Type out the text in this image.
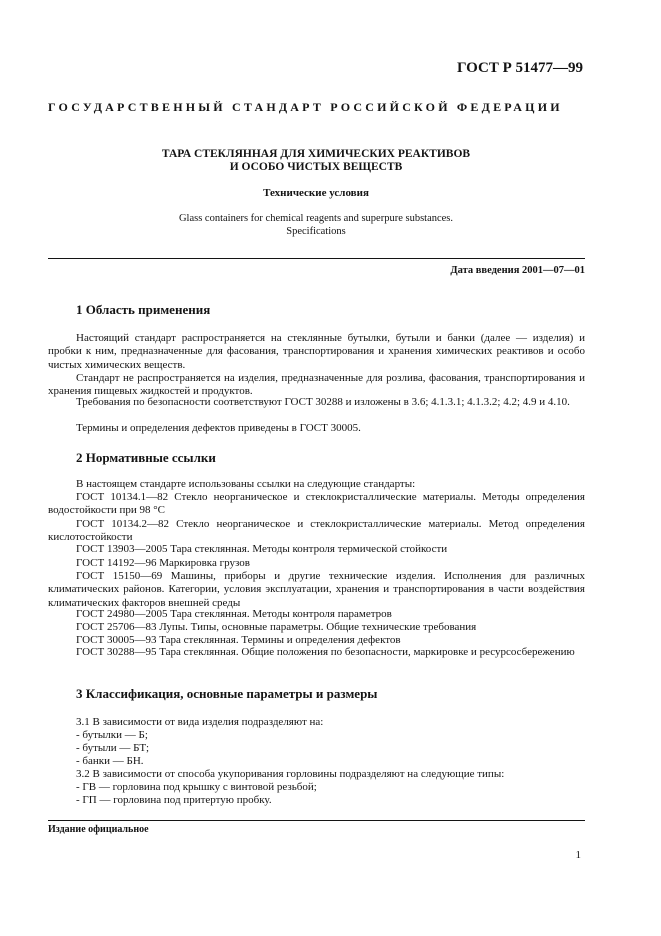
ГОСТ Р 51477—99
ГОСУДАРСТВЕННЫЙ СТАНДАРТ РОССИЙСКОЙ ФЕДЕРАЦИИ
ТАРА СТЕКЛЯННАЯ ДЛЯ ХИМИЧЕСКИХ РЕАКТИВОВ
И ОСОБО ЧИСТЫХ ВЕЩЕСТВ
Технические условия
Glass containers for chemical reagents and superpure substances.
Specifications
Дата введения 2001—07—01
1 Область применения

Настоящий стандарт распространяется на стеклянные бутылки, бутыли и банки (далее — изделия) и пробки к ним, предназначенные для фасования, транспортирования и хранения химических реактивов и особо чистых химических веществ.

Стандарт не распространяется на изделия, предназначенные для розлива, фасования, транспортирования и хранения пищевых жидкостей и продуктов.

Требования по безопасности соответствуют ГОСТ 30288 и изложены в 3.6; 4.1.3.1; 4.1.3.2; 4.2; 4.9 и 4.10.

Термины и определения дефектов приведены в ГОСТ 30005.

2 Нормативные ссылки

В настоящем стандарте использованы ссылки на следующие стандарты:

ГОСТ 10134.1—82 Стекло неорганическое и стеклокристаллические материалы. Методы определения водостойкости при 98 °С

ГОСТ 10134.2—82 Стекло неорганическое и стеклокристаллические материалы. Метод определения кислотостойкости

ГОСТ 13903—2005 Тара стеклянная. Методы контроля термической стойкости

ГОСТ 14192—96 Маркировка грузов

ГОСТ 15150—69 Машины, приборы и другие технические изделия. Исполнения для различных климатических районов. Категории, условия эксплуатации, хранения и транспортирования в части воздействия климатических факторов внешней среды

ГОСТ 24980—2005 Тара стеклянная. Методы контроля параметров

ГОСТ 25706—83 Лупы. Типы, основные параметры. Общие технические требования

ГОСТ 30005—93 Тара стеклянная. Термины и определения дефектов

ГОСТ 30288—95 Тара стеклянная. Общие положения по безопасности, маркировке и ресурсосбережению

3 Классификация, основные параметры и размеры
3.1 В зависимости от вида изделия подразделяют на:
- бутылки — Б;
- бутыли — БТ;
- банки — БН.
3.2 В зависимости от способа укупоривания горловины подразделяют на следующие типы:
- ГВ — горловина под крышку с винтовой резьбой;
- ГП — горловина под притертую пробку.
Издание официальное
1
